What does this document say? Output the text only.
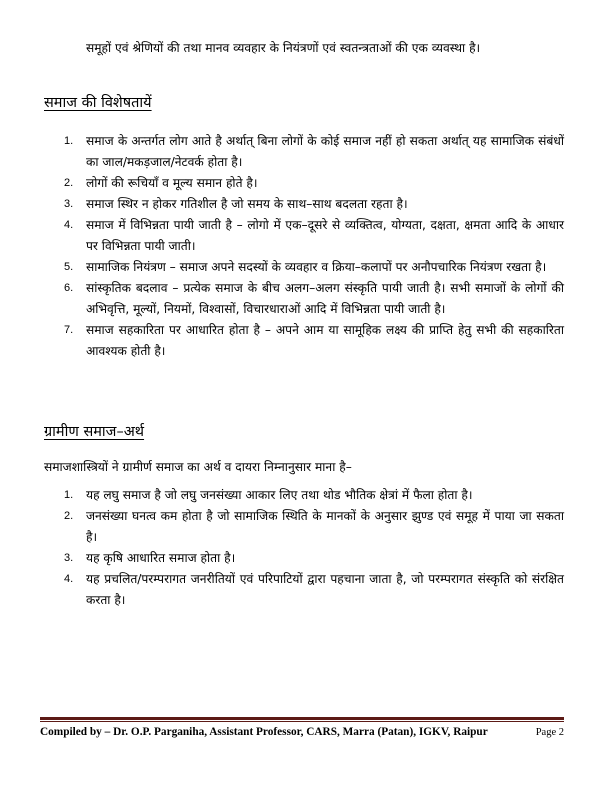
समूहों एवं श्रेणियों की तथा मानव व्यवहार के नियंत्रणों एवं स्वतन्त्रताओं की एक व्यवस्था है।

समाज की विशेषतायें
1. समाज के अन्तर्गत लोग आते है अर्थात् बिना लोगों के कोई समाज नहीं हो सकता अर्थात् यह सामाजिक संबंधों का जाल/मकड़जाल/नेटवर्क होता है।
2. लोगों की रूचियॉं व मूल्य समान होते है।
3. समाज स्थिर न होकर गतिशील है जो समय के साथ–साथ बदलता रहता है।
4. समाज में विभिन्नता पायी जाती है – लोगो में एक–दूसरे से व्यक्तित्व, योग्यता, दक्षता, क्षमता आदि के आधार पर विभिन्नता पायी जाती।
5. सामाजिक नियंत्रण – समाज अपने सदस्यों के व्यवहार व क्रिया–कलापों पर अनौपचारिक नियंत्रण रखता है।
6. सांस्कृतिक बदलाव – प्रत्येक समाज के बीच अलग–अलग संस्कृति पायी जाती है। सभी समाजों के लोगों की अभिवृत्ति, मूल्यों, नियमों, विश्वासों, विचारधाराओं आदि में विभिन्नता पायी जाती है।
7. समाज सहकारिता पर आधारित होता है – अपने आम या सामूहिक लक्ष्य की प्राप्ति हेतु सभी की सहकारिता आवश्यक होती है।
ग्रामीण समाज–अर्थ

समाजशास्त्रियों ने ग्रामीर्ण समाज का अर्थ व दायरा निम्नानुसार माना है–

1. यह लघु समाज है जो लघु जनसंख्या आकार लिए तथा थोड भौतिक क्षेत्रां में फैला होता है।
2. जनसंख्या घनत्व कम होता है जो सामाजिक स्थिति के मानकों के अनुसार झुण्ड एवं समूह में पाया जा सकता है।
3. यह कृषि आधारित समाज होता है।
4. यह प्रचलित/परम्परागत जनरीतियों एवं परिपाटियों द्वारा पहचाना जाता है, जो परम्परागत संस्कृति को संरक्षित करता है।
Compiled by – Dr. O.P. Parganiha, Assistant Professor, CARS, Marra (Patan), IGKV, Raipur	Page 2
